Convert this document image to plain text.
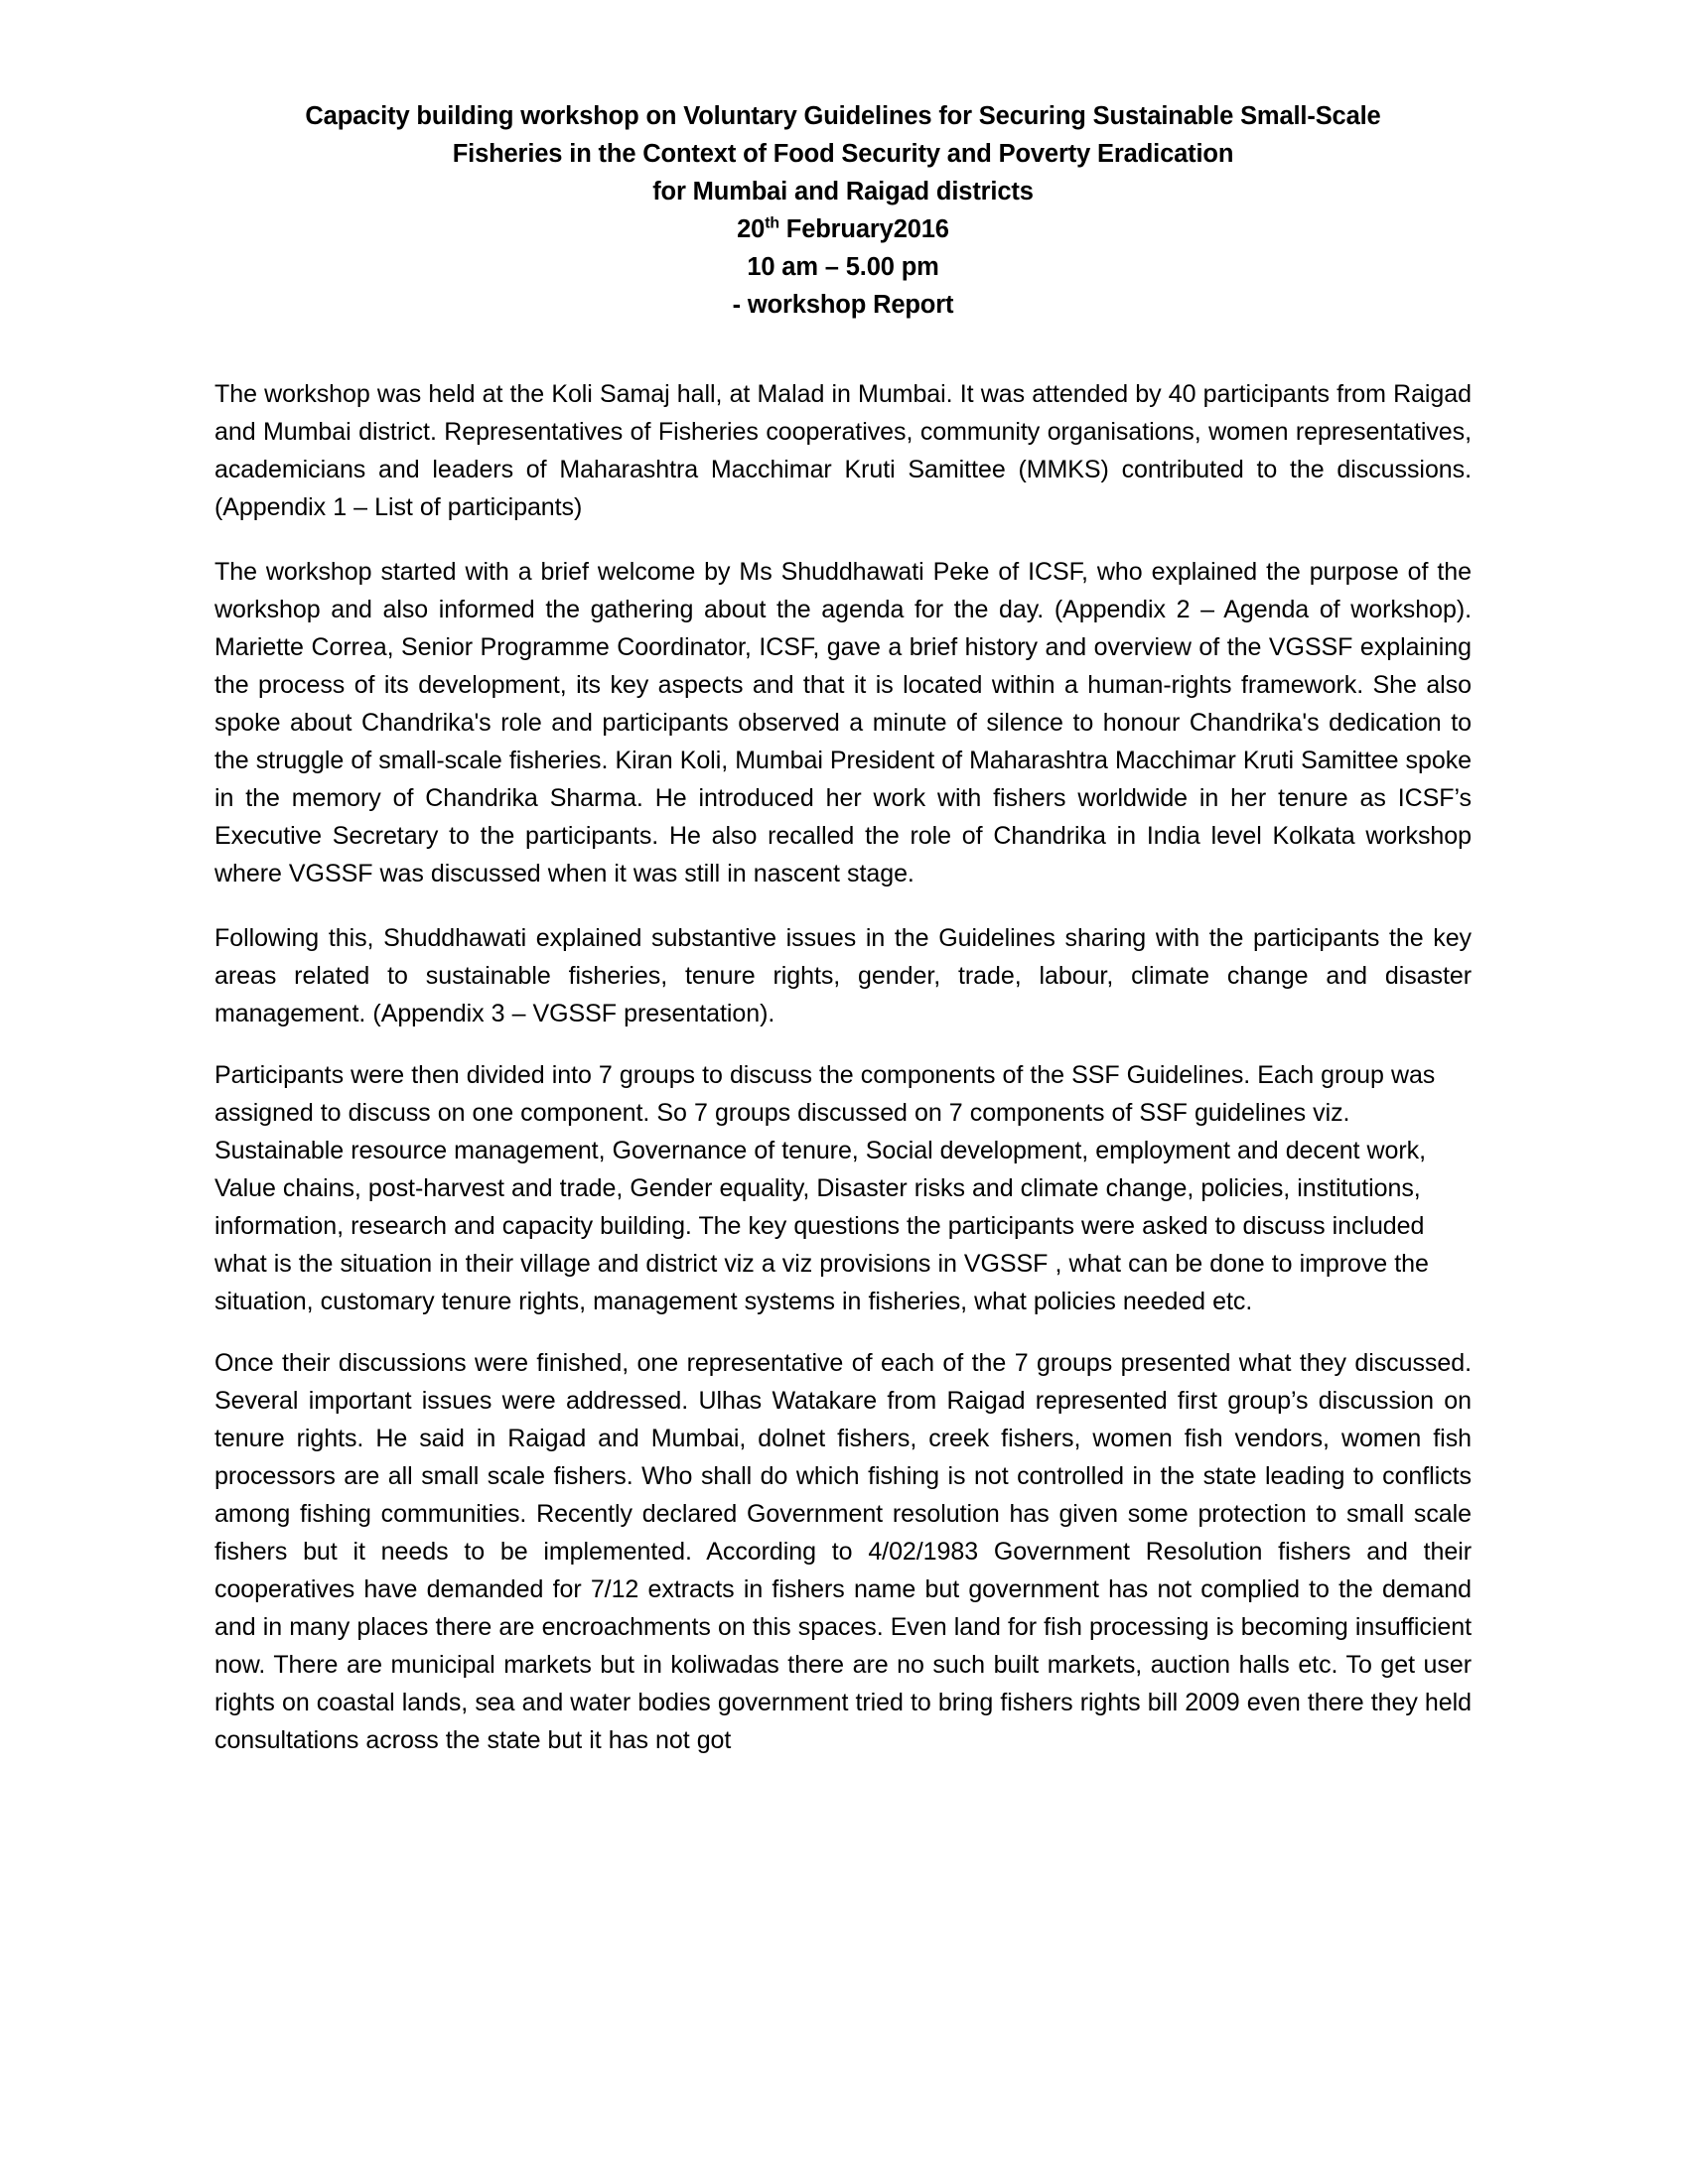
Capacity building workshop on Voluntary Guidelines for Securing Sustainable Small-Scale
Fisheries in the Context of Food Security and Poverty Eradication
for Mumbai and Raigad districts
20th February2016
10 am – 5.00 pm
- workshop Report

The workshop was held at the Koli Samaj hall, at Malad in Mumbai. It was attended by 40 participants from Raigad and Mumbai district. Representatives of Fisheries cooperatives, community organisations, women representatives, academicians and leaders of Maharashtra Macchimar Kruti Samittee (MMKS) contributed to the discussions. (Appendix 1 – List of participants)

The workshop started with a brief welcome by Ms Shuddhawati Peke of ICSF, who explained the purpose of the workshop and also informed the gathering about the agenda for the day. (Appendix 2 – Agenda of workshop). Mariette Correa, Senior Programme Coordinator, ICSF, gave a brief history and overview of the VGSSF explaining the process of its development, its key aspects and that it is located within a human-rights framework. She also spoke about Chandrika's role and participants observed a minute of silence to honour Chandrika's dedication to the struggle of small-scale fisheries. Kiran Koli, Mumbai President of Maharashtra Macchimar Kruti Samittee spoke in the memory of Chandrika Sharma. He introduced her work with fishers worldwide in her tenure as ICSF’s Executive Secretary to the participants. He also recalled the role of Chandrika in India level Kolkata workshop where VGSSF was discussed when it was still in nascent stage.

Following this, Shuddhawati explained substantive issues in the Guidelines sharing with the participants the key areas related to sustainable fisheries, tenure rights, gender, trade, labour, climate change and disaster management. (Appendix 3 – VGSSF presentation).

Participants were then divided into 7 groups to discuss the components of the SSF Guidelines. Each group was assigned to discuss on one component. So 7 groups discussed on 7 components of SSF guidelines viz. Sustainable resource management, Governance of tenure, Social development, employment and decent work, Value chains, post-harvest and trade, Gender equality, Disaster risks and climate change, policies, institutions, information, research and capacity building. The key questions the participants were asked to discuss included what is the situation in their village and district viz a viz provisions in VGSSF , what can be done to improve the situation, customary tenure rights, management systems in fisheries, what policies needed etc.

Once their discussions were finished, one representative of each of the 7 groups presented what they discussed. Several important issues were addressed. Ulhas Watakare from Raigad represented first group’s discussion on tenure rights. He said in Raigad and Mumbai, dolnet fishers, creek fishers, women fish vendors, women fish processors are all small scale fishers. Who shall do which fishing is not controlled in the state leading to conflicts among fishing communities. Recently declared Government resolution has given some protection to small scale fishers but it needs to be implemented. According to 4/02/1983 Government Resolution fishers and their cooperatives have demanded for 7/12 extracts in fishers name but government has not complied to the demand and in many places there are encroachments on this spaces. Even land for fish processing is becoming insufficient now. There are municipal markets but in koliwadas there are no such built markets, auction halls etc. To get user rights on coastal lands, sea and water bodies government tried to bring fishers rights bill 2009 even there they held consultations across the state but it has not got
